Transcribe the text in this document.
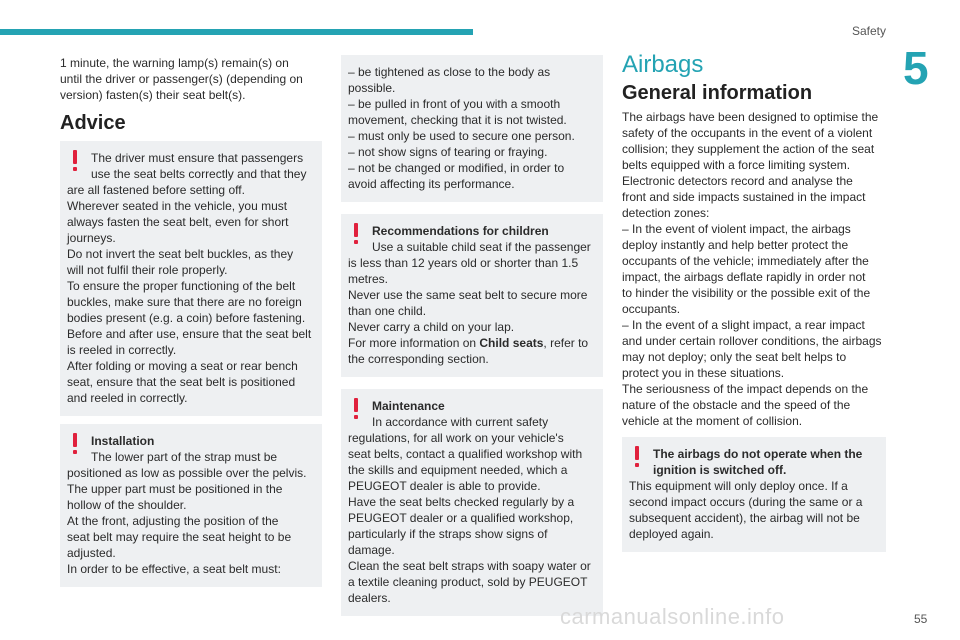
Safety
5
1 minute, the warning lamp(s) remain(s) on
until the driver or passenger(s) (depending on
version) fasten(s) their seat belt(s).
Advice
The driver must ensure that passengers
use the seat belts correctly and that they
are all fastened before setting off.
Wherever seated in the vehicle, you must
always fasten the seat belt, even for short
journeys.
Do not invert the seat belt buckles, as they
will not fulfil their role properly.
To ensure the proper functioning of the belt
buckles, make sure that there are no foreign
bodies present (e.g. a coin) before fastening.
Before and after use, ensure that the seat belt
is reeled in correctly.
After folding or moving a seat or rear bench
seat, ensure that the seat belt is positioned
and reeled in correctly.
Installation
The lower part of the strap must be
positioned as low as possible over the pelvis.
The upper part must be positioned in the
hollow of the shoulder.
At the front, adjusting the position of the
seat belt may require the seat height to be
adjusted.
In order to be effective, a seat belt must:
– be tightened as close to the body as
possible.
– be pulled in front of you with a smooth
movement, checking that it is not twisted.
– must only be used to secure one person.
– not show signs of tearing or fraying.
– not be changed or modified, in order to
avoid affecting its performance.
Recommendations for children
Use a suitable child seat if the passenger
is less than 12 years old or shorter than 1.5
metres.
Never use the same seat belt to secure more
than one child.
Never carry a child on your lap.
For more information on Child seats, refer to
the corresponding section.
Maintenance
In accordance with current safety
regulations, for all work on your vehicle's
seat belts, contact a qualified workshop with
the skills and equipment needed, which a
PEUGEOT dealer is able to provide.
Have the seat belts checked regularly by a
PEUGEOT dealer or a qualified workshop,
particularly if the straps show signs of
damage.
Clean the seat belt straps with soapy water or
a textile cleaning product, sold by PEUGEOT
dealers.
Airbags
General information
The airbags have been designed to optimise the
safety of the occupants in the event of a violent
collision; they supplement the action of the seat
belts equipped with a force limiting system.
Electronic detectors record and analyse the
front and side impacts sustained in the impact
detection zones:
– In the event of violent impact, the airbags
deploy instantly and help better protect the
occupants of the vehicle; immediately after the
impact, the airbags deflate rapidly in order not
to hinder the visibility or the possible exit of the
occupants.
– In the event of a slight impact, a rear impact
and under certain rollover conditions, the airbags
may not deploy; only the seat belt helps to
protect you in these situations.
The seriousness of the impact depends on the
nature of the obstacle and the speed of the
vehicle at the moment of collision.
The airbags do not operate when the
ignition is switched off.
This equipment will only deploy once. If a
second impact occurs (during the same or a
subsequent accident), the airbag will not be
deployed again.
carmanualsonline.info	55
